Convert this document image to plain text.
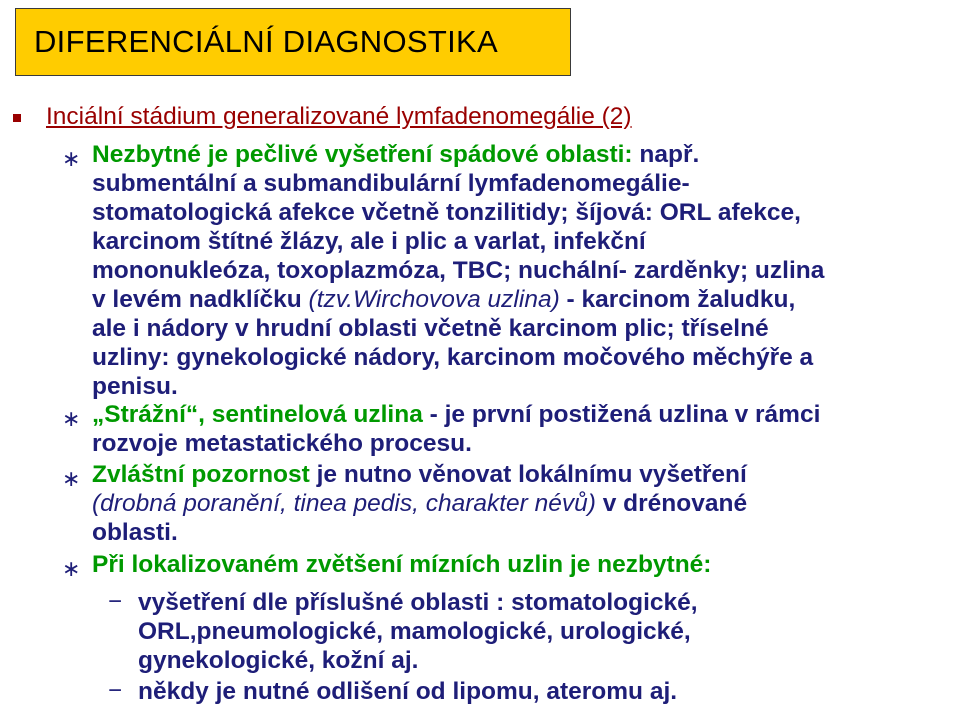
DIFERENCIÁLNÍ DIAGNOSTIKA
Inciální stádium generalizované lymfadenomegálie (2)
∗ Nezbytné je pečlivé vyšetření spádové oblasti: např.
submentální a submandibulární lymfadenomegálie-
stomatologická afekce včetně tonzilitidy; šíjová: ORL afekce,
karcinom štítné žlázy, ale i plic a varlat, infekční
mononukleóza, toxoplazmóza, TBC; nuchální- zarděnky; uzlina
v levém nadklíčku (tzv.Wirchovova uzlina) - karcinom žaludku,
ale i nádory v hrudní oblasti včetně karcinom plic; tříselné
uzliny: gynekologické nádory, karcinom močového měchýře a
penisu.
∗ „Strážní“, sentinelová uzlina - je první postižená uzlina v rámci
rozvoje metastatického procesu.
∗ Zvláštní pozornost je nutno věnovat lokálnímu vyšetření
(drobná poranění, tinea pedis, charakter névů) v drénované
oblasti.
∗ Při lokalizovaném zvětšení mízních uzlin je nezbytné:
− vyšetření dle příslušné oblasti : stomatologické,
ORL,pneumologické, mamologické, urologické,
gynekologické, kožní aj.
− někdy je nutné odlišení od lipomu, ateromu aj.
